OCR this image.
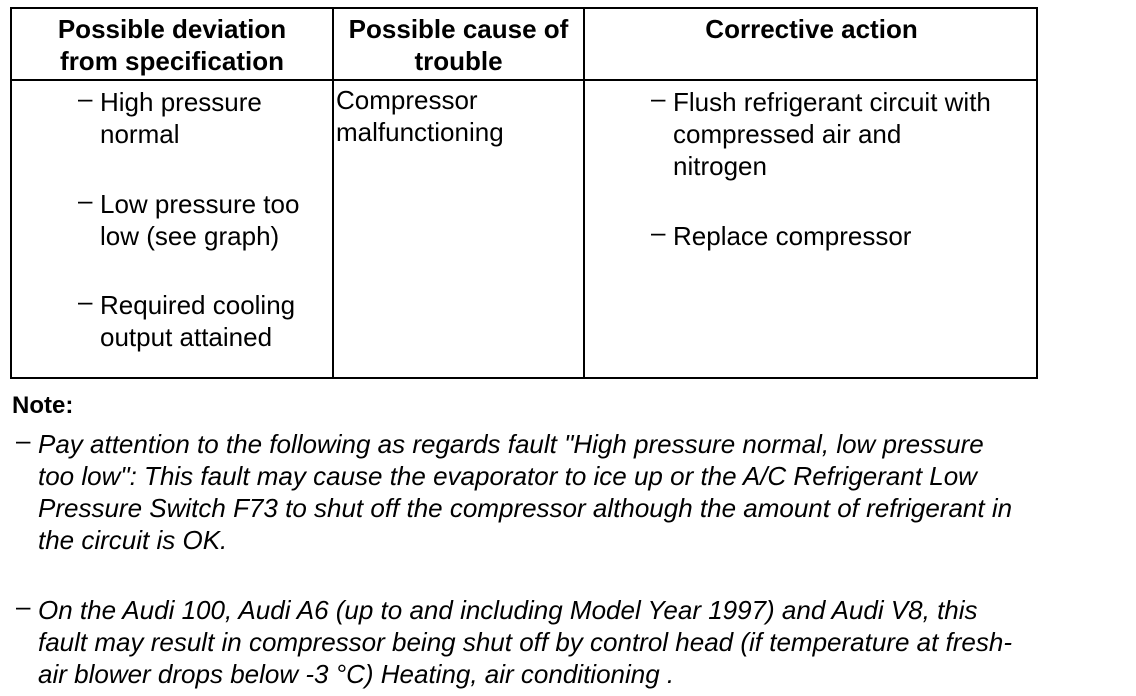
Possible deviation
from specification
Possible cause of
trouble
Corrective action
– High pressure
normal
– Low pressure too
low (see graph)
– Required cooling
output attained
Compressor
malfunctioning
– Flush refrigerant circuit with
compressed air and
nitrogen
– Replace compressor
Note:
– Pay attention to the following as regards fault "High pressure normal, low pressure
too low": This fault may cause the evaporator to ice up or the A/C Refrigerant Low
Pressure Switch F73 to shut off the compressor although the amount of refrigerant in
the circuit is OK.
– On the Audi 100, Audi A6 (up to and including Model Year 1997) and Audi V8, this
fault may result in compressor being shut off by control head (if temperature at fresh-
air blower drops below -3 °C) Heating, air conditioning .
